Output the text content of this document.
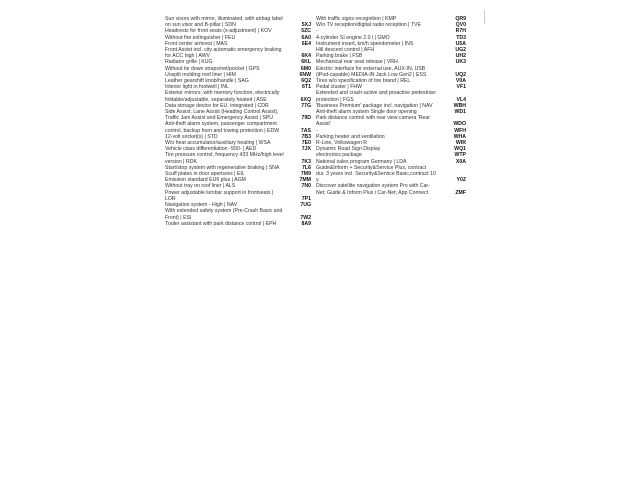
Sun visors with mirror, illuminated, with airbag label on sun visor and B-pillar | SDN	5XJ
Headrests for front seats (x-adjustment) | KOV	5ZC
Without fire extinguisher | FEU	6A0
Front center armrest | MAS	6E4
Front Assist incl. city automatic emergency braking for ACC high | AWV	6K4
Radiator grille | KUG	6KL
Without tie down straps/net/pocket | GPS	6M0
Unsplit molding roof liner | HIM	6NW
Leather gearshift knob/handle | SAG	6Q2
Interior light in footwell | INL	6T1
Exterior mirrors: with memory function, electrically foldable/adjustable, separately heated | ASE	6XQ
Data storage device for EU, integrated | CDR	77G
Side Assist, Lane Assist (Heading Control Assist), Traffic Jam Assist and Emergency Assist | SPU	79D
Anti-theft alarm system, passenger compartment control, backup horn and towing protection | EDW	7AS
12-volt socket(s) | STD	7B3
W/o heat accumulator/auxiliary heating | WSA	7E0
Vehicle class differentiation -S50- | AED	7JX
Tire pressure control, frequency 433 MHz/high level version | RDK	7K3
Start/stop system with regenerative braking | SNA	7L6
Scuff plates in door apertures | EIL	7M9
Emission standard EU6 plus | AGM	7MM
Without tray on roof liner | ALS	7N0
Power adjustable lumbar support in frontseats | LOR	7P1
Navigation system - High | NAV	7UG
With extended safety system (Pre-Crash Basic and Front) | ESI	7W2
Trailer assistant with park distance control | EPH	8A9
With traffic signs recognition | KMP	QR9
W/o TV reception/digital radio reception | TVE	QV0
-	R7H
4-cylinder SI engine 2.0 l | GMO	TD3
Instrument insert, km/h speedometer | INS	U5A
Hill descent control | AFH	UG2
Parking brake | FSB	UH2
Mechanical rear seat release | VRH	UK3
Electric interface for external use, AUX-IN, USB (iPod-capable) MEDIA-IN Jack Low Gen2 | ESS	UQ2
Tires w/o specification of tire brand | REL	V0A
Pedal cluster | FHW	VF1
Extended and crash-active and proactive pedestrian protection | FGS	VL4
'Business Premium' package incl. navigation | NAV	WBH
Anti-theft alarm system Single door opening	WD1
Park distance control with rear view camera 'Rear Assist'	WDO
-	WFH
Parking heater and ventilation	WHA
R-Line, Volkswagen R	WIR
Dynamic Road Sign Display	WQ1
electronics package	WTP
National sales program Germany | LDA	X0A
Guide&Inform + Security&Service Plus, contract dur. 3 years incl. Security&Service Basic,contract 10 y.	Y0Z
Discover satellite navigation system Pro with Car-Net; Guide & Inform Plus i Car-Net; App Connect	ZMF
